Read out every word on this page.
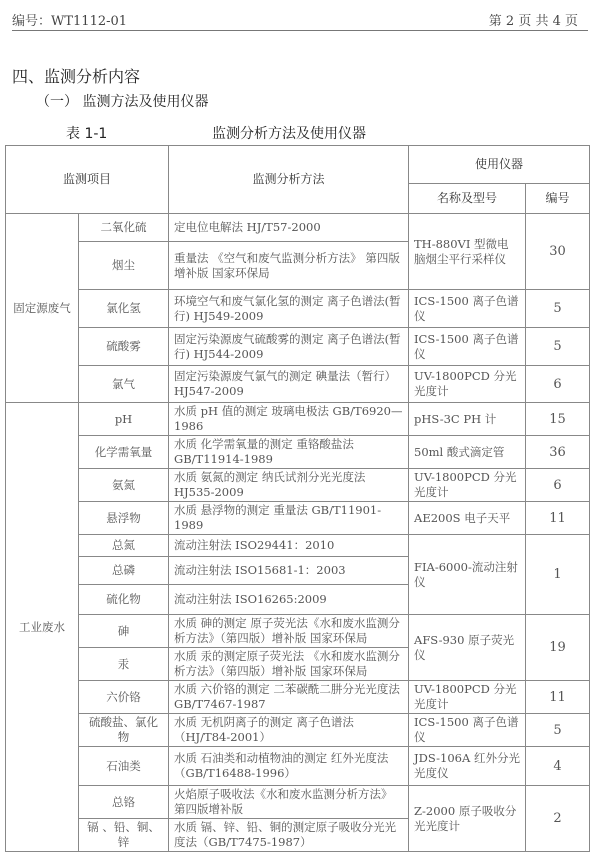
编号：WT1112-01	第 2 页 共 4 页
四、监测分析内容
（一） 监测方法及使用仪器
表 1-1	监测分析方法及使用仪器
监测项目		监测分析方法	使用仪器	
			名称及型号	编号
固定源废气	二氧化硫	定电位电解法 HJ/T57-2000	TH-880VI 型微电脑烟尘平行采样仪	30
	烟尘	重量法 《空气和废气监测分析方法》 第四版增补版 国家环保局		
	氯化氢	环境空气和废气氯化氢的测定 离子色谱法(暂行) HJ549-2009	ICS-1500 离子色谱仪	5
	硫酸雾	固定污染源废气硫酸雾的测定 离子色谱法(暂行) HJ544-2009	ICS-1500 离子色谱仪	5
	氯气	固定污染源废气氯气的测定 碘量法（暂行） HJ547-2009	UV-1800PCD 分光光度计	6
工业废水	pH	水质 pH 值的测定 玻璃电极法 GB/T6920—1986	pHS-3C PH 计	15
	化学需氧量	水质 化学需氧量的测定 重铬酸盐法 GB/T11914-1989	50ml 酸式滴定管	36
	氨氮	水质 氨氮的测定 纳氏试剂分光光度法 HJ535-2009	UV-1800PCD 分光光度计	6
	悬浮物	水质 悬浮物的测定 重量法 GB/T11901-1989	AE200S 电子天平	11
	总氮	流动注射法 ISO29441：2010	FIA-6000-流动注射仪	1
	总磷	流动注射法 ISO15681-1：2003		
	硫化物	流动注射法 ISO16265:2009		
	砷	水质 砷的测定 原子荧光法《水和废水监测分析方法》（第四版）增补版 国家环保局	AFS-930 原子荧光仪	19
	汞	水质 汞的测定原子荧光法 《水和废水监测分析方法》（第四版）增补版 国家环保局		
	六价铬	水质 六价铬的测定 二苯碳酰二肼分光光度法 GB/T7467-1987	UV-1800PCD 分光光度计	11
	硫酸盐、氯化物	水质 无机阴离子的测定 离子色谱法（HJ/T84-2001）	ICS-1500 离子色谱仪	5
	石油类	水质 石油类和动植物油的测定 红外光度法（GB/T16488-1996）	JDS-106A 红外分光光度仪	4
	总铬	火焰原子吸收法《水和废水监测分析方法》第四版增补版	Z-2000 原子吸收分光光度计	2
	镉 、铅、铜、锌	水质 镉、锌、铅、铜的测定原子吸收分光光度法（GB/T7475-1987）		
